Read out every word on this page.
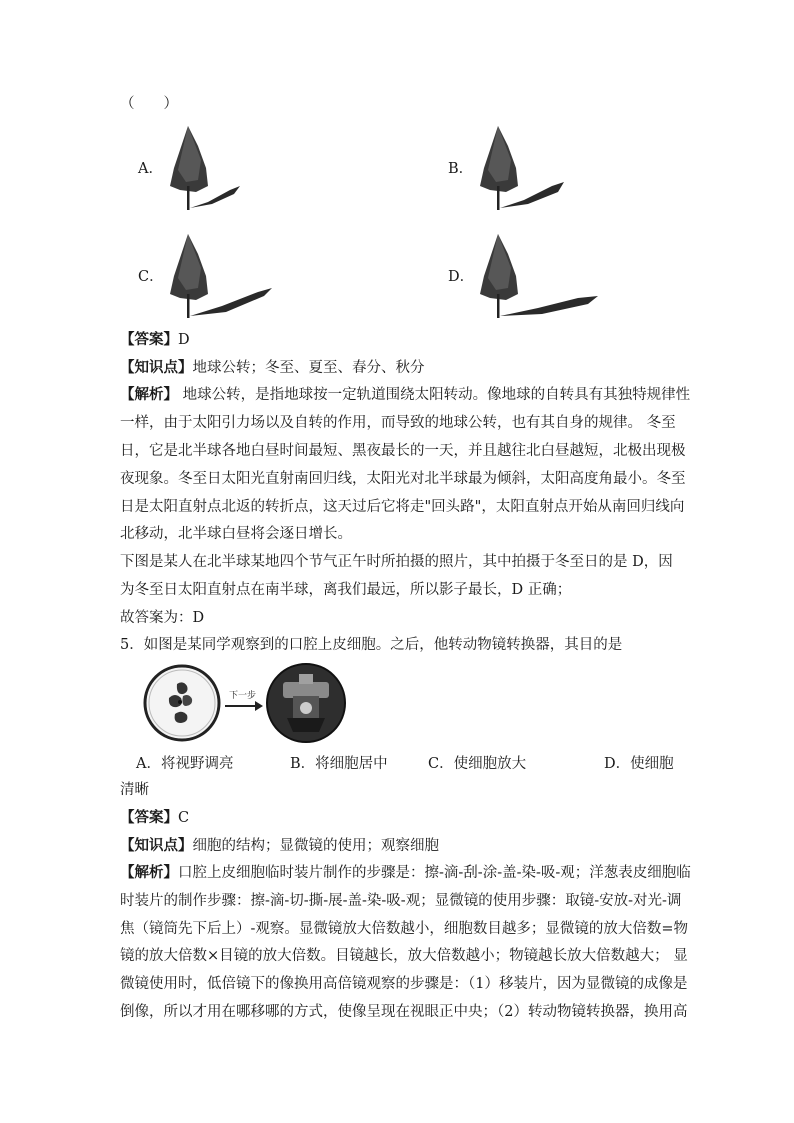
（　　）
A．	B．
C．	D．
【答案】D
【知识点】地球公转；冬至、夏至、春分、秋分
【解析】 地球公转，是指地球按一定轨道围绕太阳转动。像地球的自转具有其独特规律性
一样，由于太阳引力场以及自转的作用，而导致的地球公转，也有其自身的规律。 冬至
日，它是北半球各地白昼时间最短、黑夜最长的一天，并且越往北白昼越短，北极出现极
夜现象。冬至日太阳光直射南回归线，太阳光对北半球最为倾斜，太阳高度角最小。冬至
日是太阳直射点北返的转折点，这天过后它将走"回头路"，太阳直射点开始从南回归线向
北移动，北半球白昼将会逐日增长。
下图是某人在北半球某地四个节气正午时所拍摄的照片，其中拍摄于冬至日的是 D，因
为冬至日太阳直射点在南半球，离我们最远，所以影子最长，D 正确；
故答案为：D
5．如图是某同学观察到的口腔上皮细胞。之后，他转动物镜转换器，其目的是
下一步
A．将视野调亮	B．将细胞居中	C．使细胞放大	D．使细胞
清晰
【答案】C
【知识点】细胞的结构；显微镜的使用；观察细胞
【解析】口腔上皮细胞临时装片制作的步骤是：擦-滴-刮-涂-盖-染-吸-观；洋葱表皮细胞临
时装片的制作步骤：擦-滴-切-撕-展-盖-染-吸-观；显微镜的使用步骤：取镜-安放-对光-调
焦（镜筒先下后上）-观察。显微镜放大倍数越小，细胞数目越多；显微镜的放大倍数=物
镜的放大倍数×目镜的放大倍数。目镜越长，放大倍数越小；物镜越长放大倍数越大； 显
微镜使用时，低倍镜下的像换用高倍镜观察的步骤是：（1）移装片，因为显微镜的成像是
倒像，所以才用在哪移哪的方式，使像呈现在视眼正中央；（2）转动物镜转换器，换用高
